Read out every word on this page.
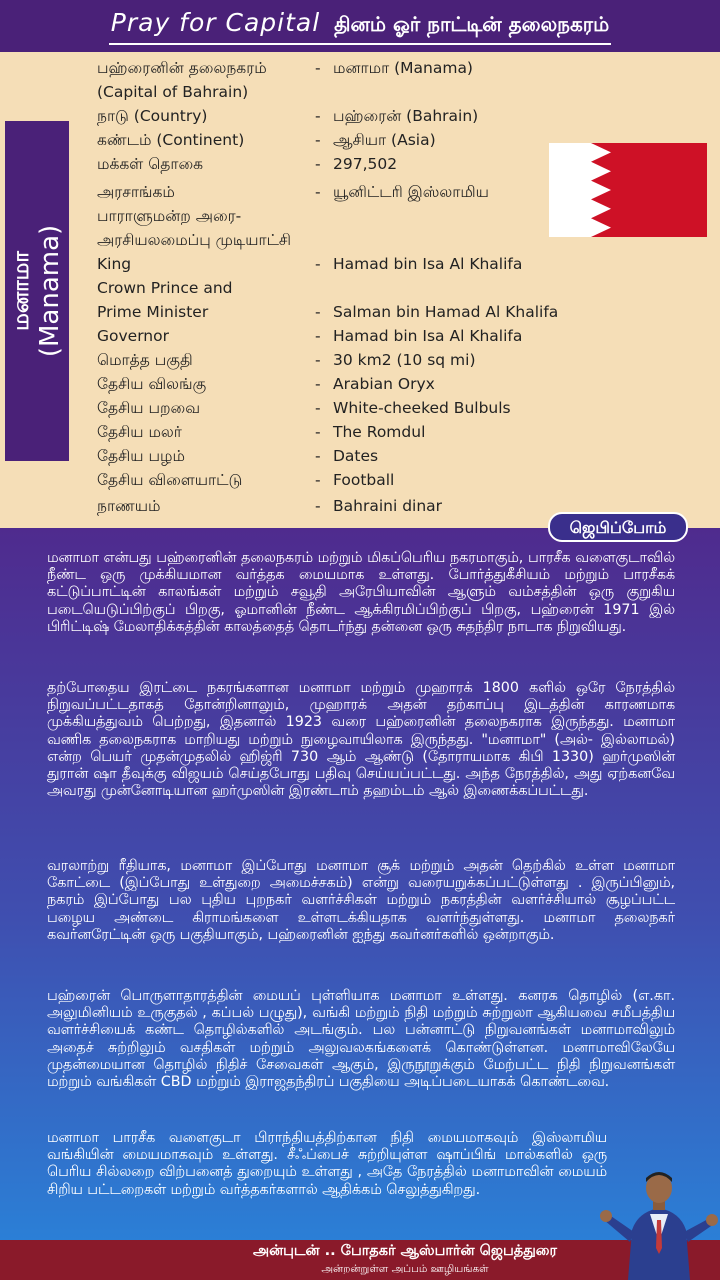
Pray for Capital தினம் ஓர் நாட்டின் தலைநகரம்
மனாமா (Manama)
பஹ்ரைனின் தலைநகரம்	- மனாமா (Manama)
(Capital of Bahrain)
நாடு (Country)	- பஹ்ரைன் (Bahrain)
கண்டம் (Continent)	- ஆசியா (Asia)
மக்கள் தொகை	- 297,502
அரசாங்கம்	- யூனிட்டரி இஸ்லாமிய
பாராளுமன்ற அரை-
அரசியலமைப்பு முடியாட்சி
King	- Hamad bin Isa Al Khalifa
Crown Prince and
Prime Minister	- Salman bin Hamad Al Khalifa
Governor	- Hamad bin Isa Al Khalifa
மொத்த பகுதி	- 30 km2 (10 sq mi)
தேசிய விலங்கு	- Arabian Oryx
தேசிய பறவை	- White-cheeked Bulbuls
தேசிய மலர்	- The Romdul
தேசிய பழம்	- Dates
தேசிய விளையாட்டு	- Football
நாணயம்	- Bahraini dinar
ஜெபிப்போம்

மனாமா என்பது பஹ்ரைனின் தலைநகரம் மற்றும் மிகப்பெரிய நகரமாகும், பாரசீக வளைகுடாவில் நீண்ட ஒரு முக்கியமான வர்த்தக மையமாக உள்ளது. போர்த்துகீசியம் மற்றும் பாரசீகக் கட்டுப்பாட்டின் காலங்கள் மற்றும் சவூதி அரேபியாவின் ஆளும் வம்சத்தின் ஒரு குறுகிய படையெடுப்பிற்குப் பிறகு, ஓமானின் நீண்ட ஆக்கிரமிப்பிற்குப் பிறகு, பஹ்ரைன் 1971 இல் பிரிட்டிஷ் மேலாதிக்கத்தின் காலத்தைத் தொடர்ந்து தன்னை ஒரு சுதந்திர நாடாக நிறுவியது.

தற்போதைய இரட்டை நகரங்களான மனாமா மற்றும் முஹாரக் 1800 களில் ஒரே நேரத்தில் நிறுவப்பட்டதாகத் தோன்றினாலும், முஹாரக் அதன் தற்காப்பு இடத்தின் காரணமாக முக்கியத்துவம் பெற்றது, இதனால் 1923 வரை பஹ்ரைனின் தலைநகராக இருந்தது. மனாமா வணிக தலைநகராக மாறியது மற்றும் நுழைவாயிலாக இருந்தது. "மனாமா" (அல்- இல்லாமல்) என்ற பெயர் முதன்முதலில் ஹிஜ்ரி 730 ஆம் ஆண்டு (தோராயமாக கிபி 1330) ஹர்முஸின் துரான் ஷா தீவுக்கு விஜயம் செய்தபோது பதிவு செய்யப்பட்டது. அந்த நேரத்தில், அது ஏற்கனவே அவரது முன்னோடியான ஹர்முஸின் இரண்டாம் தஹம்டம் ஆல் இணைக்கப்பட்டது.

வரலாற்று ரீதியாக, மனாமா இப்போது மனாமா சூக் மற்றும் அதன் தெற்கில் உள்ள மனாமா கோட்டை (இப்போது உள்துறை அமைச்சகம்) என்று வரையறுக்கப்பட்டுள்ளது . இருப்பினும், நகரம் இப்போது பல புதிய புறநகர் வளர்ச்சிகள் மற்றும் நகரத்தின் வளர்ச்சியால் சூழப்பட்ட பழைய அண்டை கிராமங்களை உள்ளடக்கியதாக வளர்ந்துள்ளது. மனாமா தலைநகர் கவர்னரேட்டின் ஒரு பகுதியாகும், பஹ்ரைனின் ஐந்து கவர்னர்களில் ஒன்றாகும்.

பஹ்ரைன் பொருளாதாரத்தின் மையப் புள்ளியாக மனாமா உள்ளது. கனரக தொழில் (எ.கா. அலுமினியம் உருகுதல் , கப்பல் பழுது), வங்கி மற்றும் நிதி மற்றும் சுற்றுலா ஆகியவை சமீபத்திய வளர்ச்சியைக் கண்ட தொழில்களில் அடங்கும். பல பன்னாட்டு நிறுவனங்கள் மனாமாவிலும் அதைச் சுற்றிலும் வசதிகள் மற்றும் அலுவலகங்களைக் கொண்டுள்ளன. மனாமாவிலேயே முதன்மையான தொழில் நிதிச் சேவைகள் ஆகும், இருநூறுக்கும் மேற்பட்ட நிதி நிறுவனங்கள் மற்றும் வங்கிகள் CBD மற்றும் இராஜதந்திரப் பகுதியை அடிப்படையாகக் கொண்டவை.

மனாமா பாரசீக வளைகுடா பிராந்தியத்திற்கான நிதி மையமாகவும் இஸ்லாமிய வங்கியின் மையமாகவும் உள்ளது. சீஃப்பைச் சுற்றியுள்ள ஷாப்பிங் மால்களில் ஒரு பெரிய சில்லறை விற்பனைத் துறையும் உள்ளது , அதே நேரத்தில் மனாமாவின் மையம் சிறிய பட்டறைகள் மற்றும் வர்த்தகர்களால் ஆதிக்கம் செலுத்துகிறது.

அன்புடன் .. போதகர் ஆஸ்பார்ன் ஜெபத்துரை
அன்றன்றுள்ள அப்பம் ஊழியங்கள்
